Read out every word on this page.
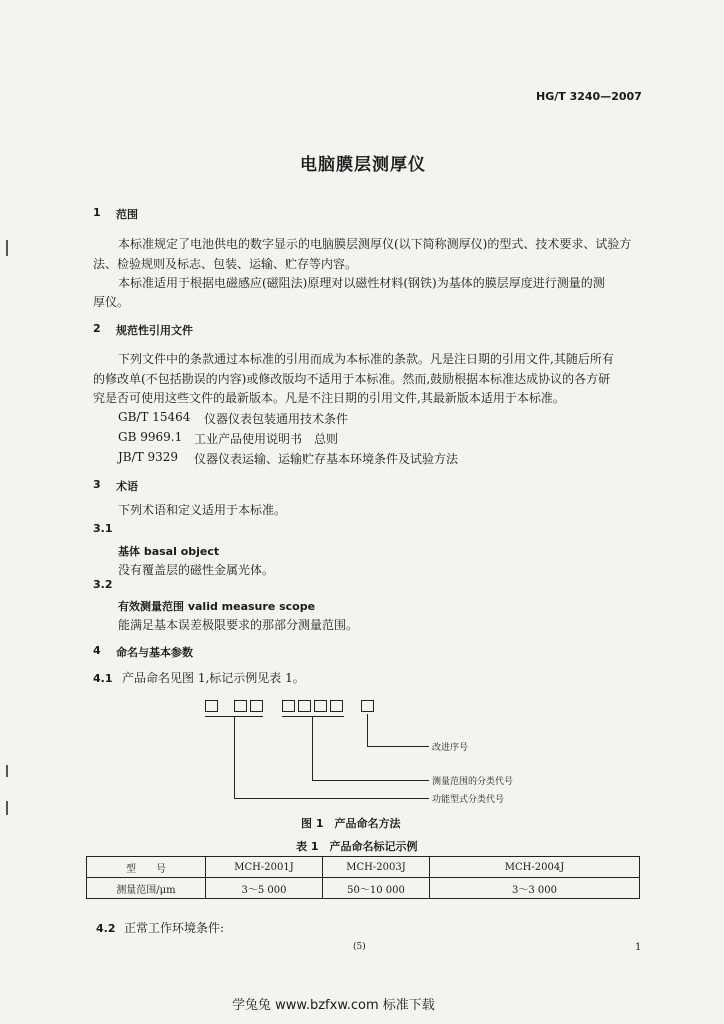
HG/T 3240—2007
电脑膜层测厚仪
1 范围
本标准规定了电池供电的数字显示的电脑膜层测厚仪(以下简称测厚仪)的型式、技术要求、试验方
法、检验规则及标志、包装、运输、贮存等内容。
本标准适用于根据电磁感应(磁阻法)原理对以磁性材料(钢铁)为基体的膜层厚度进行测量的测
厚仪。
2 规范性引用文件
下列文件中的条款通过本标准的引用而成为本标准的条款。凡是注日期的引用文件,其随后所有
的修改单(不包括勘误的内容)或修改版均不适用于本标准。然而,鼓励根据本标准达成协议的各方研
究是否可使用这些文件的最新版本。凡是不注日期的引用文件,其最新版本适用于本标准。
GB/T 15464 仪器仪表包装通用技术条件
GB 9969.1 工业产品使用说明书　总则
JB/T 9329 仪器仪表运输、运输贮存基本环境条件及试验方法
3 术语
下列术语和定义适用于本标准。
3.1
基体 basal object
没有覆盖层的磁性金属光体。
3.2
有效测量范围 valid measure scope
能满足基本误差极限要求的那部分测量范围。
4 命名与基本参数
4.1 产品命名见图 1,标记示例见表 1。
改进序号
测量范围的分类代号
功能型式分类代号
图 1　产品命名方法
表 1　产品命名标记示例
型　　号	MCH-2001J	MCH-2003J	MCH-2004J
测量范围/μm	3～5 000	50～10 000	3～3 000
4.2 正常工作环境条件:
(5)	1
学兔兔 www.bzfxw.com 标准下载
